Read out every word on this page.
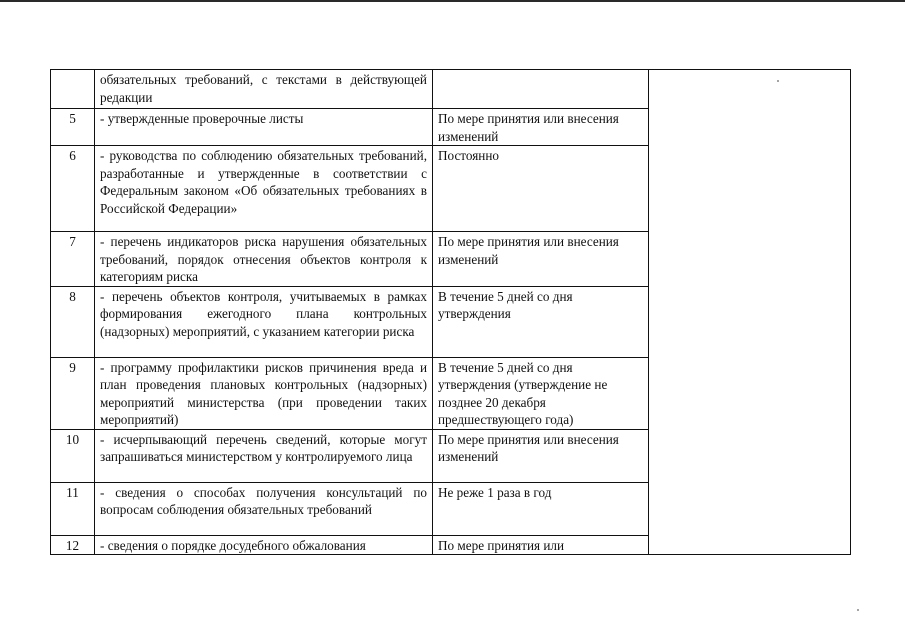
	обязательных требований, с текстами в действующей редакции		
5	- утвержденные проверочные листы	По мере принятия или внесения изменений	
6	- руководства по соблюдению обязательных требований, разработанные и утвержденные в соответствии с Федеральным законом «Об обязательных требованиях в Российской Федерации»	Постоянно	
7	- перечень индикаторов риска нарушения обязательных требований, порядок отнесения объектов контроля к категориям риска	По мере принятия или внесения изменений	
8	- перечень объектов контроля, учитываемых в рамках формирования ежегодного плана контрольных (надзорных) мероприятий, с указанием категории риска	В течение 5 дней со дня утверждения	
9	- программу профилактики рисков причинения вреда и план проведения плановых контрольных (надзорных) мероприятий министерства (при проведении таких мероприятий)	В течение 5 дней со дня утверждения (утверждение не позднее 20 декабря предшествующего года)	
10	- исчерпывающий перечень сведений, которые могут запрашиваться министерством у контролируемого лица	По мере принятия или внесения изменений	
11	- сведения о способах получения консультаций по вопросам соблюдения обязательных требований	Не реже 1 раза в год	
12	- сведения о порядке досудебного обжалования	По мере принятия или	
